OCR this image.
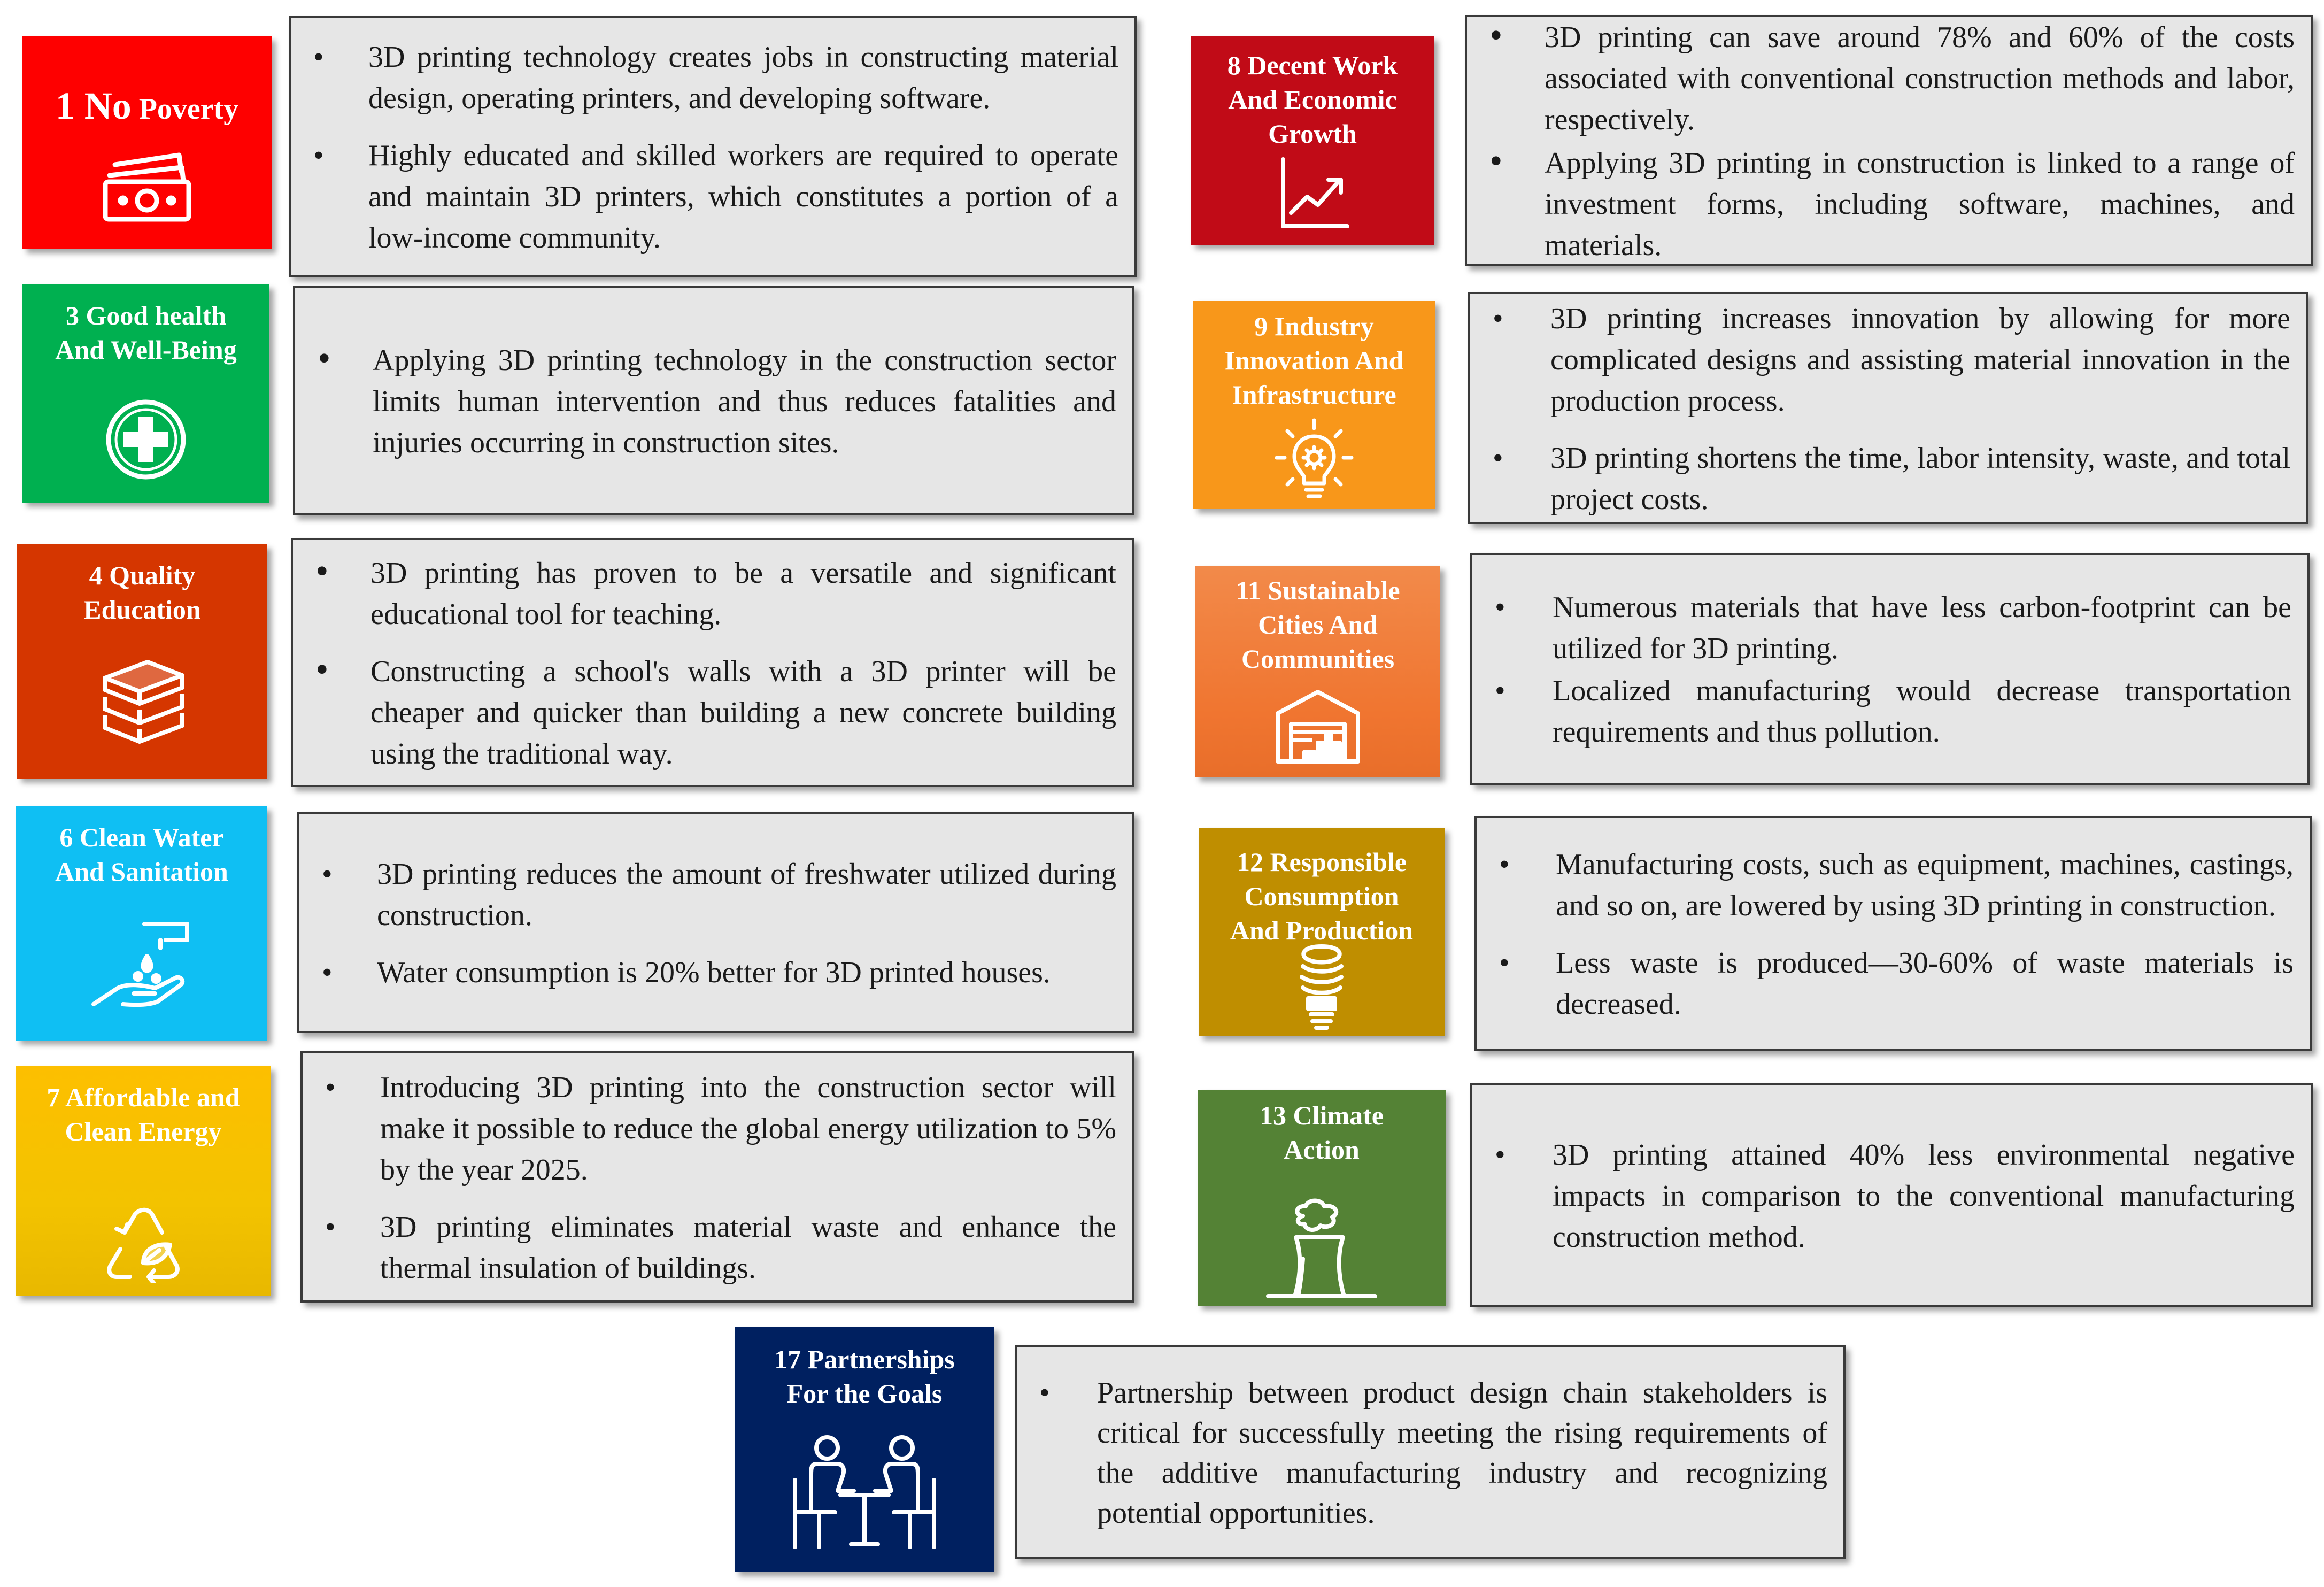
1 No Poverty

• 3D printing technology creates jobs in constructing material design, operating printers, and developing software.
• Highly educated and skilled workers are required to operate and maintain 3D printers, which constitutes a portion of a low-income community.
3 Good health
And Well-Being	• Applying 3D printing technology in the construction sector limits human intervention and thus reduces fatalities and injuries occurring in construction sites.
4 Quality
Education
• 3D printing has proven to be a versatile and significant educational tool for teaching.
• Constructing a school's walls with a 3D printer will be cheaper and quicker than building a new concrete building using the traditional way.
6 Clean Water
And Sanitation	• 3D printing reduces the amount of freshwater utilized during construction.
• Water consumption is 20% better for 3D printed houses.
7 Affordable and
Clean Energy
• Introducing 3D printing into the construction sector will make it possible to reduce the global energy utilization to 5% by the year 2025.
• 3D printing eliminates material waste and enhance the thermal insulation of buildings.
8 Decent Work
And Economic
Growth
• 3D printing can save around 78% and 60% of the costs associated with conventional construction methods and labor, respectively.
• Applying 3D printing in construction is linked to a range of investment forms, including software, machines, and materials.
9 Industry
Innovation And
Infrastructure
• 3D printing increases innovation by allowing for more complicated designs and assisting material innovation in the production process.
• 3D printing shortens the time, labor intensity, waste, and total project costs.
11 Sustainable
Cities And
Communities
• Numerous materials that have less carbon-footprint can be utilized for 3D printing.
• Localized manufacturing would decrease transportation requirements and thus pollution.
12 Responsible
Consumption
And Production
• Manufacturing costs, such as equipment, machines, castings, and so on, are lowered by using 3D printing in construction.
• Less waste is produced—30-60% of waste materials is decreased.
13 Climate
Action	• 3D printing attained 40% less environmental negative impacts in comparison to the conventional manufacturing construction method.
17 Partnerships
For the Goals	• Partnership between product design chain stakeholders is critical for successfully meeting the rising requirements of the additive manufacturing industry and recognizing potential opportunities.
